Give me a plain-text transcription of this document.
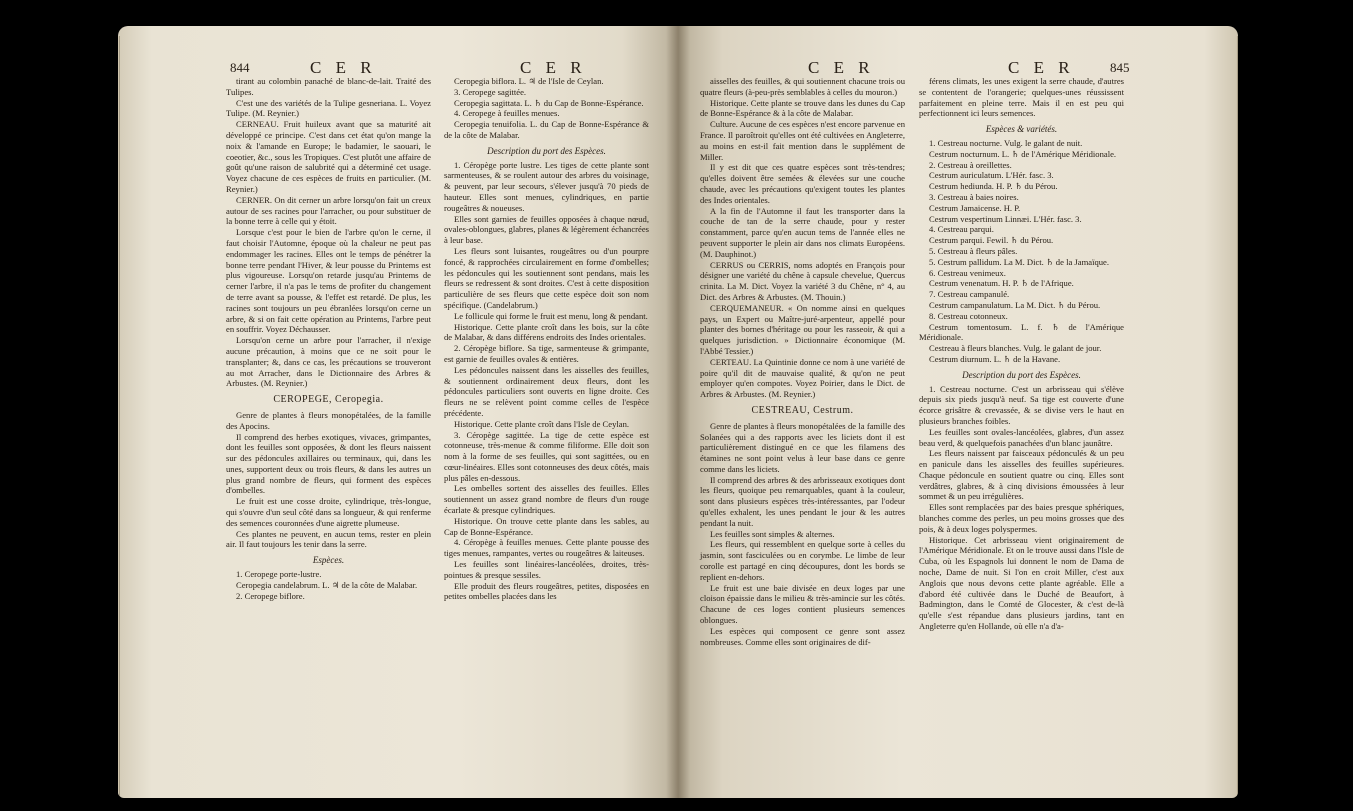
844	C E R	C E R

tirant au colombin panaché de blanc-de-lait. Traité des Tulipes.

C'est une des variétés de la Tulipe gesneriana. L. Voyez Tulipe. (M. Reynier.)

CERNEAU. Fruit huileux avant que sa maturité ait développé ce principe. C'est dans cet état qu'on mange la noix & l'amande en Europe; le badamier, le saouari, le coeotier, &c., sous les Tropiques. C'est plutôt une affaire de goût qu'une raison de salubrité qui a déterminé cet usage. Voyez chacune de ces espèces de fruits en particulier. (M. Reynier.)

CERNER. On dit cerner un arbre lorsqu'on fait un creux autour de ses racines pour l'arracher, ou pour substituer de la bonne terre à celle qui y étoit.

Lorsque c'est pour le bien de l'arbre qu'on le cerne, il faut choisir l'Automne, époque où la chaleur ne peut pas endommager les racines. Elles ont le temps de pénétrer la bonne terre pendant l'Hiver, & leur pousse du Printems est plus vigoureuse. Lorsqu'on retarde jusqu'au Printems de cerner l'arbre, il n'a pas le tems de profiter du changement de terre avant sa pousse, & l'effet est retardé. De plus, les racines sont toujours un peu ébranlées lorsqu'on cerne un arbre, & si on fait cette opération au Printems, l'arbre peut en souffrir. Voyez Déchausser.

Lorsqu'on cerne un arbre pour l'arracher, il n'exige aucune précaution, à moins que ce ne soit pour le transplanter; &, dans ce cas, les précautions se trouveront au mot Arracher, dans le Dictionnaire des Arbres & Arbustes. (M. Reynier.)

CEROPEGE, Ceropegia.

Genre de plantes à fleurs monopétalées, de la famille des Apocins.

Il comprend des herbes exotiques, vivaces, grimpantes, dont les feuilles sont opposées, & dont les fleurs naissent sur des pédoncules axillaires ou terminaux, qui, dans les unes, supportent deux ou trois fleurs, & dans les autres un plus grand nombre de fleurs, qui forment des espèces d'ombelles.

Le fruit est une cosse droite, cylindrique, très-longue, qui s'ouvre d'un seul côté dans sa longueur, & qui renferme des semences couronnées d'une aigrette plumeuse.

Ces plantes ne peuvent, en aucun tems, rester en plein air. Il faut toujours les tenir dans la serre.

Espèces.

1. Ceropege porte-lustre.

Ceropegia candelabrum. L. ♃ de la côte de Malabar.

2. Ceropege biflore.

Ceropegia biflora. L. ♃ de l'Isle de Ceylan.

3. Ceropege sagittée.

Ceropegia sagittata. L. ♄ du Cap de Bonne-Espérance.

4. Ceropege à feuilles menues.

Ceropegia tenuifolia. L. du Cap de Bonne-Espérance & de la côte de Malabar.

Description du port des Espèces.

1. Céropège porte lustre. Les tiges de cette plante sont sarmenteuses, & se roulent autour des arbres du voisinage, & peuvent, par leur secours, s'élever jusqu'à 70 pieds de hauteur. Elles sont menues, cylindriques, en partie rougeâtres & noueuses.

Elles sont garnies de feuilles opposées à chaque nœud, ovales-oblongues, glabres, planes & légèrement échancrées à leur base.

Les fleurs sont luisantes, rougeâtres ou d'un pourpre foncé, & rapprochées circulairement en forme d'ombelles; les pédoncules qui les soutiennent sont pendans, mais les fleurs se redressent & sont droites. C'est à cette disposition particulière de ses fleurs que cette espèce doit son nom spécifique. (Candelabrum.)

Le follicule qui forme le fruit est menu, long & pendant.

Historique. Cette plante croît dans les bois, sur la côte de Malabar, & dans différens endroits des Indes orientales.

2. Céropège biflore. Sa tige, sarmenteuse & grimpante, est garnie de feuilles ovales & entières.

Les pédoncules naissent dans les aisselles des feuilles, & soutiennent ordinairement deux fleurs, dont les pédoncules particuliers sont ouverts en ligne droite. Ces fleurs ne se relèvent point comme celles de l'espèce précédente.

Historique. Cette plante croît dans l'Isle de Ceylan.

3. Céropège sagittée. La tige de cette espèce est cotonneuse, très-menue & comme filiforme. Elle doit son nom à la forme de ses feuilles, qui sont sagittées, ou en cœur-linéaires. Elles sont cotonneuses des deux côtés, mais plus pâles en-dessous.

Les ombelles sortent des aisselles des feuilles. Elles soutiennent un assez grand nombre de fleurs d'un rouge écarlate & presque cylindriques.

Historique. On trouve cette plante dans les sables, au Cap de Bonne-Espérance.

4. Céropège à feuilles menues. Cette plante pousse des tiges menues, rampantes, vertes ou rougeâtres & laiteuses.

Les feuilles sont linéaires-lancéolées, droites, très-pointues & presque sessiles.

Elle produit des fleurs rougeâtres, petites, disposées en petites ombelles placées dans les

C E R	C E R	845

aisselles des feuilles, & qui soutiennent chacune trois ou quatre fleurs (à-peu-près semblables à celles du mouron.)

Historique. Cette plante se trouve dans les dunes du Cap de Bonne-Espérance & à la côte de Malabar.

Culture. Aucune de ces espèces n'est encore parvenue en France. Il paroîtroit qu'elles ont été cultivées en Angleterre, au moins en est-il fait mention dans le supplément de Miller.

Il y est dit que ces quatre espèces sont très-tendres; qu'elles doivent être semées & élevées sur une couche chaude, avec les précautions qu'exigent toutes les plantes des Indes orientales.

A la fin de l'Automne il faut les transporter dans la couche de tan de la serre chaude, pour y rester constamment, parce qu'en aucun tems de l'année elles ne peuvent supporter le plein air dans nos climats Européens. (M. Dauphinot.)

CERRUS ou CERRIS, noms adoptés en François pour désigner une variété du chêne à capsule chevelue, Quercus crinita. La M. Dict. Voyez la variété 3 du Chêne, n° 4, au Dict. des Arbres & Arbustes. (M. Thouin.)

CERQUEMANEUR. « On nomme ainsi en quelques pays, un Expert ou Maître-juré-arpenteur, appellé pour planter des bornes d'héritage ou pour les rasseoir, & qui a quelques jurisdiction. » Dictionnaire économique (M. l'Abbé Tessier.)

CERTEAU. La Quintinie donne ce nom à une variété de poire qu'il dit de mauvaise qualité, & qu'on ne peut employer qu'en compotes. Voyez Poirier, dans le Dict. de Arbres & Arbustes. (M. Reynier.)

CESTREAU, Cestrum.

Genre de plantes à fleurs monopétalées de la famille des Solanées qui a des rapports avec les liciets dont il est particulièrement distingué en ce que les filamens des étamines ne sont point velus à leur base dans ce genre comme dans les liciets.

Il comprend des arbres & des arbrisseaux exotiques dont les fleurs, quoique peu remarquables, quant à la couleur, sont dans plusieurs espèces très-intéressantes, par l'odeur qu'elles exhalent, les unes pendant le jour & les autres pendant la nuit.

Les feuilles sont simples & alternes.

Les fleurs, qui ressemblent en quelque sorte à celles du jasmin, sont fasciculées ou en corymbe. Le limbe de leur corolle est partagé en cinq découpures, dont les bords se replient en-dehors.

Le fruit est une baie divisée en deux loges par une cloison épaissie dans le milieu & très-amincie sur les côtés. Chacune de ces loges contient plusieurs semences oblongues.

Les espèces qui composent ce genre sont assez nombreuses. Comme elles sont originaires de dif-

férens climats, les unes exigent la serre chaude, d'autres se contentent de l'orangerie; quelques-unes réussissent parfaitement en pleine terre. Mais il en est peu qui perfectionnent ici leurs semences.

Espèces & variétés.

1. Cestreau nocturne. Vulg. le galant de nuit.

Cestrum nocturnum. L. ♄ de l'Amérique Méridionale.

2. Cestreau à oreillettes.

Cestrum auriculatum. L'Hér. fasc. 3.

Cestrum hediunda. H. P. ♄ du Pérou.

3. Cestreau à baies noires.

Cestrum Jamaicense. H. P.

Cestrum vespertinum Linnæi. L'Hér. fasc. 3.

4. Cestreau parqui.

Cestrum parqui. Fewil. ♄ du Pérou.

5. Cestreau à fleurs pâles.

5. Cestrum pallidum. La M. Dict. ♄ de la Jamaïque.

6. Cestreau venimeux.

Cestrum venenatum. H. P. ♄ de l'Afrique.

7. Cestreau campanulé.

Cestrum campanulatum. La M. Dict. ♄ du Pérou.

8. Cestreau cotonneux.

Cestrum tomentosum. L. f. ♄ de l'Amérique Méridionale.

Cestreau à fleurs blanches. Vulg. le galant de jour.

Cestrum diurnum. L. ♄ de la Havane.

Description du port des Espèces.

1. Cestreau nocturne. C'est un arbrisseau qui s'élève depuis six pieds jusqu'à neuf. Sa tige est couverte d'une écorce grisâtre & crevassée, & se divise vers le haut en plusieurs branches foibles.

Les feuilles sont ovales-lancéolées, glabres, d'un assez beau verd, & quelquefois panachées d'un blanc jaunâtre.

Les fleurs naissent par faisceaux pédonculés & un peu en panicule dans les aisselles des feuilles supérieures. Chaque pédoncule en soutient quatre ou cinq. Elles sont verdâtres, glabres, & à cinq divisions émoussées à leur sommet & un peu irrégulières.

Elles sont remplacées par des baies presque sphériques, blanches comme des perles, un peu moins grosses que des pois, & à deux loges polyspermes.

Historique. Cet arbrisseau vient originairement de l'Amérique Méridionale. Et on le trouve aussi dans l'Isle de Cuba, où les Espagnols lui donnent le nom de Dama de noche, Dame de nuit. Si l'on en croit Miller, c'est aux Anglois que nous devons cette plante agréable. Elle a d'abord été cultivée dans le Duché de Beaufort, à Badmington, dans le Comté de Glocester, & c'est de-là qu'elle s'est répandue dans plusieurs jardins, tant en Angleterre qu'en Hollande, où elle n'a d'a-
